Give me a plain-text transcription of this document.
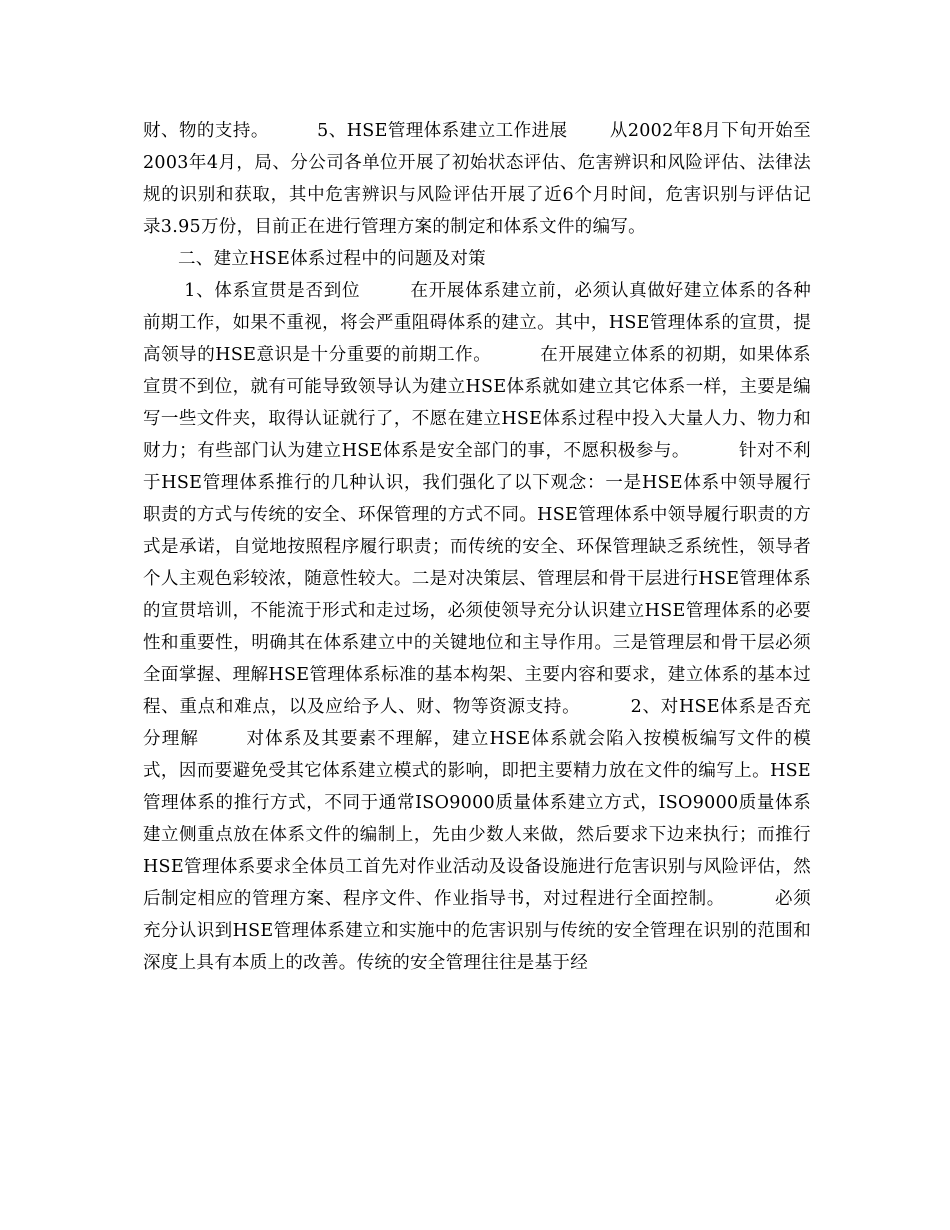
财、物的支持。        5、HSE管理体系建立工作进展       从2002年8月下旬开始至2003年4月，局、分公司各单位开展了初始状态评估、危害辨识和风险评估、法律法规的识别和获取，其中危害辨识与风险评估开展了近6个月时间，危害识别与评估记录3.95万份，目前正在进行管理方案的制定和体系文件的编写。

二、建立HSE体系过程中的问题及对策

1、体系宣贯是否到位        在开展体系建立前，必须认真做好建立体系的各种前期工作，如果不重视，将会严重阻碍体系的建立。其中，HSE管理体系的宣贯，提高领导的HSE意识是十分重要的前期工作。        在开展建立体系的初期，如果体系宣贯不到位，就有可能导致领导认为建立HSE体系就如建立其它体系一样，主要是编写一些文件夹，取得认证就行了，不愿在建立HSE体系过程中投入大量人力、物力和财力；有些部门认为建立HSE体系是安全部门的事，不愿积极参与。        针对不利于HSE管理体系推行的几种认识，我们强化了以下观念：一是HSE体系中领导履行职责的方式与传统的安全、环保管理的方式不同。HSE管理体系中领导履行职责的方式是承诺，自觉地按照程序履行职责；而传统的安全、环保管理缺乏系统性，领导者个人主观色彩较浓，随意性较大。二是对决策层、管理层和骨干层进行HSE管理体系的宣贯培训，不能流于形式和走过场，必须使领导充分认识建立HSE管理体系的必要性和重要性，明确其在体系建立中的关键地位和主导作用。三是管理层和骨干层必须全面掌握、理解HSE管理体系标准的基本构架、主要内容和要求，建立体系的基本过程、重点和难点，以及应给予人、财、物等资源支持。        2、对HSE体系是否充分理解       对体系及其要素不理解，建立HSE体系就会陷入按模板编写文件的模式，因而要避免受其它体系建立模式的影响，即把主要精力放在文件的编写上。HSE管理体系的推行方式，不同于通常ISO9000质量体系建立方式，ISO9000质量体系建立侧重点放在体系文件的编制上，先由少数人来做，然后要求下边来执行；而推行HSE管理体系要求全体员工首先对作业活动及设备设施进行危害识别与风险评估，然后制定相应的管理方案、程序文件、作业指导书，对过程进行全面控制。        必须充分认识到HSE管理体系建立和实施中的危害识别与传统的安全管理在识别的范围和深度上具有本质上的改善。传统的安全管理往往是基于经
